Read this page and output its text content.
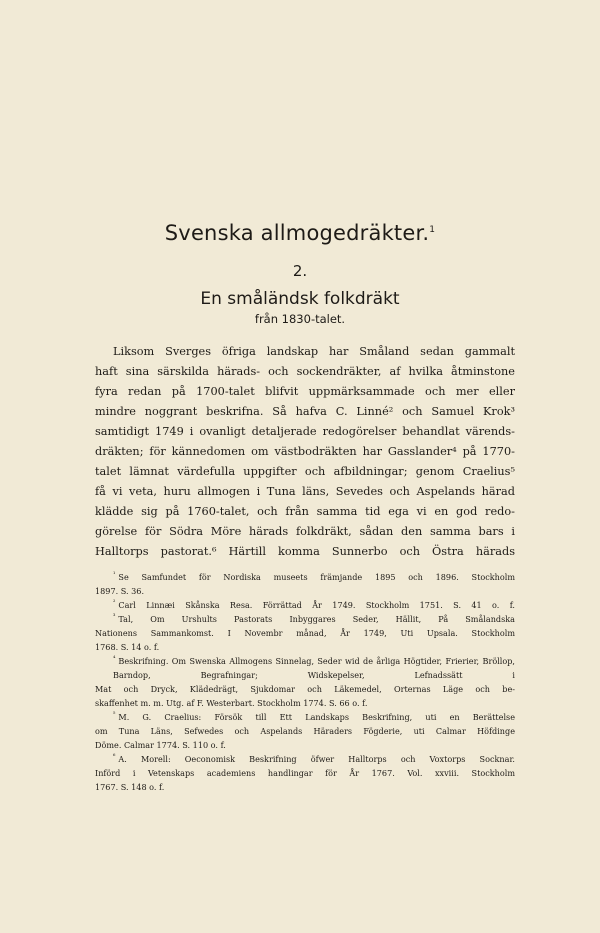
Svenska allmogedräkter.$^1$
2.
En småländsk folkdräkt
från 1830-talet.
Liksom Sverges öfriga landskap har Småland sedan gammalt
haft sina särskilda härads- och sockendräkter, af hvilka åtminstone
fyra redan på 1700-talet blifvit uppmärksammade och mer eller
mindre noggrant beskrifna. Så hafva C. Linné² och Samuel Krok³
samtidigt 1749 i ovanligt detaljerade redogörelser behandlat värends-
dräkten; för kännedomen om västbodräkten har Gasslander⁴ på 1770-
talet lämnat värdefulla uppgifter och afbildningar; genom Craelius⁵
få vi veta, huru allmogen i Tuna läns, Sevedes och Aspelands härad
klädde sig på 1760-talet, och från samma tid ega vi en god redo-
görelse för Södra Möre härads folkdräkt, sådan den samma bars i
Halltorps pastorat.⁶ Härtill komma Sunnerbo och Östra härads
$^{^1}$ Se Samfundet för Nordiska museets främjande 1895 och 1896. Stockholm
1897. S. 36.
$^{^2}$ Carl Linnæi Skånska Resa. Förrättad År 1749. Stockholm 1751. S. 41 o. f.
$^{^3}$ Tal, Om Urshults Pastorats Inbyggares Seder, Hällit, På Smålandska
Nationens Sammankomst. I Novembr månad, År 1749, Uti Upsala. Stockholm
1768. S. 14 o. f.
$^{^4}$ Beskrifning. Om Swenska Allmogens Sinnelag, Seder wid de årliga Högtider, Frierier, Bröllop, Barndop, Begrafningar; Widskepelser, Lefnadssätt i
Mat och Dryck, Klädedrägt, Sjukdomar och Läkemedel, Orternas Läge och be-
skaffenhet m. m. Utg. af F. Westerbart. Stockholm 1774. S. 66 o. f.
$^{^5}$ M. G. Craelius: Försök till Ett Landskaps Beskrifning, uti en Berättelse
om Tuna Läns, Sefwedes och Aspelands Häraders Fögderie, uti Calmar Höfdinge
Döme. Calmar 1774. S. 110 o. f.
$^{^6}$ A. Morell: Oeconomisk Beskrifning öfwer Halltorps och Voxtorps Socknar.
Införd i Vetenskaps academiens handlingar för År 1767. Vol. xxviii. Stockholm
1767. S. 148 o. f.
